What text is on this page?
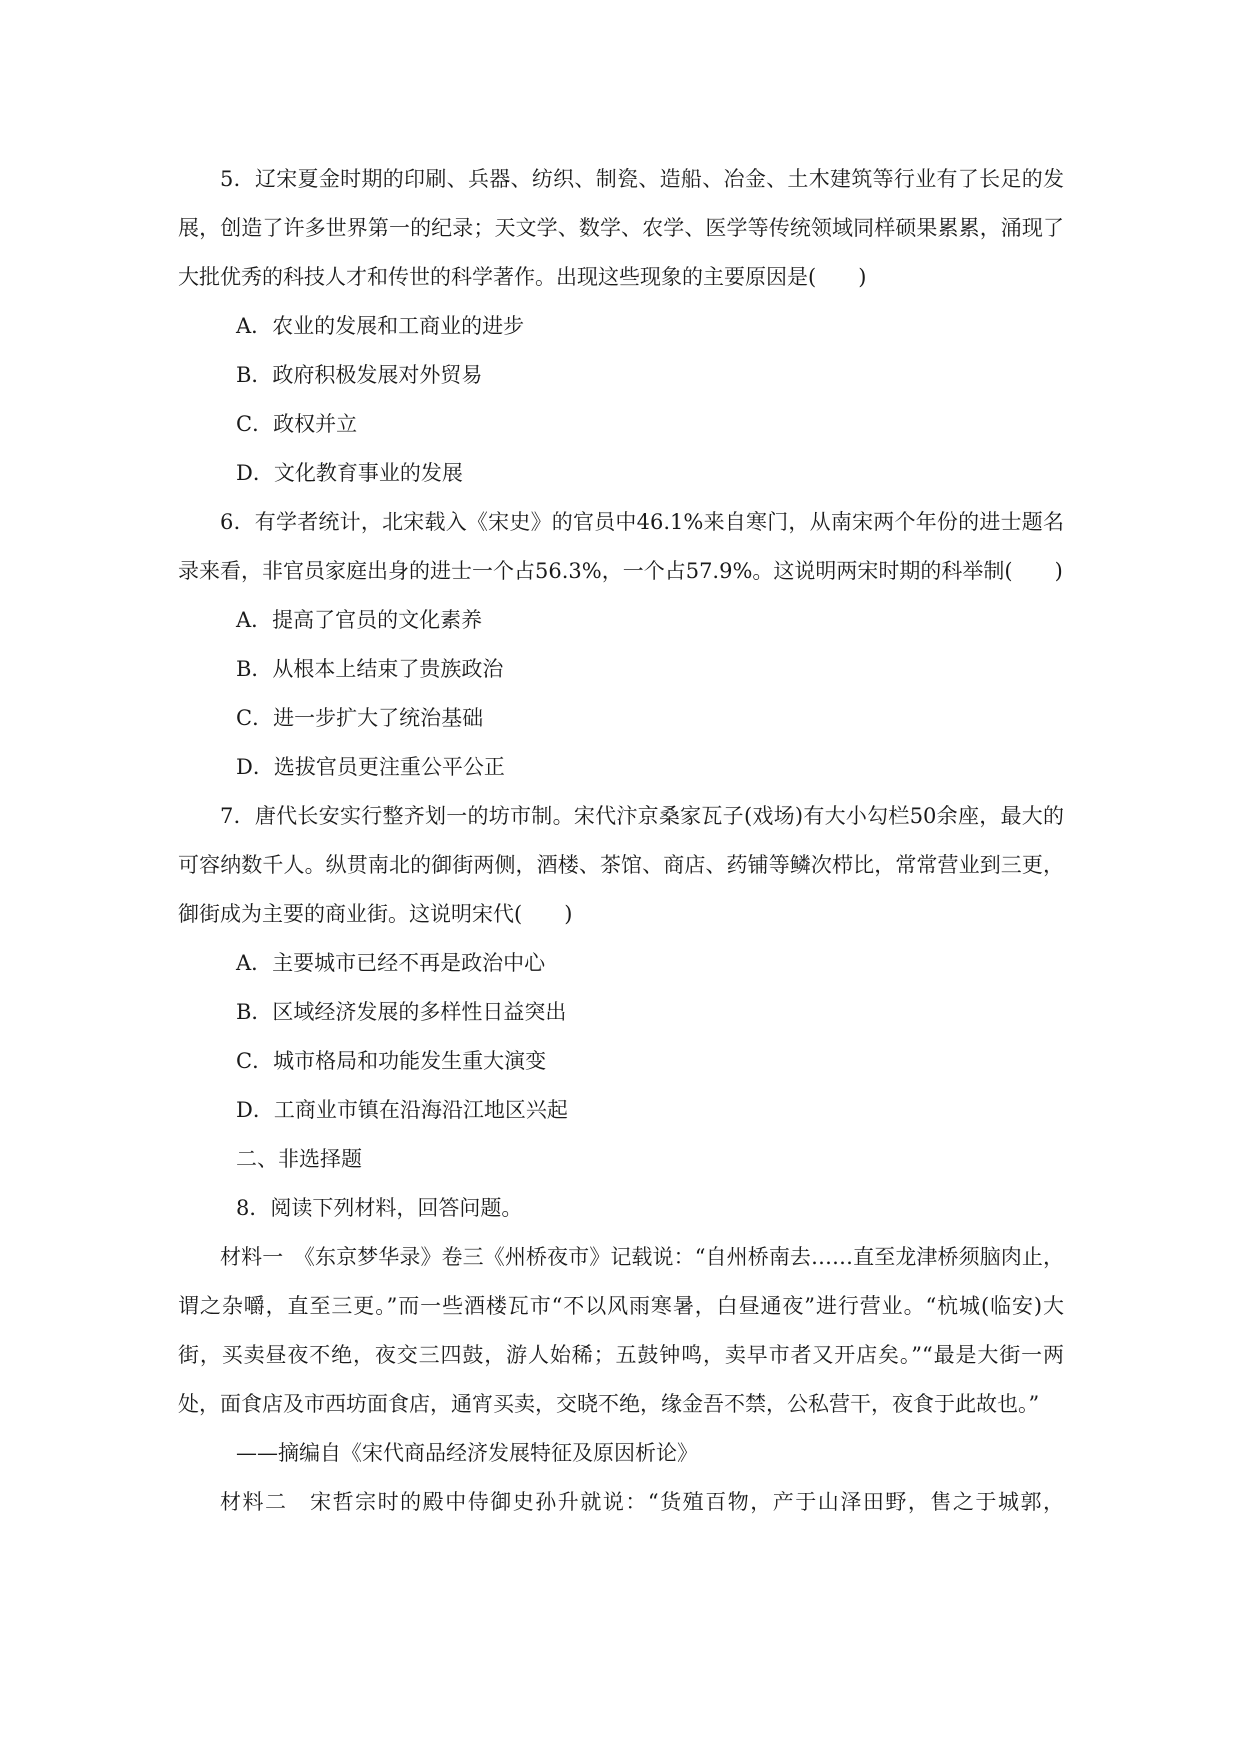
5．辽宋夏金时期的印刷、兵器、纺织、制瓷、造船、冶金、土木建筑等行业有了长足的发展，创造了许多世界第一的纪录；天文学、数学、农学、医学等传统领域同样硕果累累，涌现了大批优秀的科技人才和传世的科学著作。出现这些现象的主要原因是(　　)

A．农业的发展和工商业的进步

B．政府积极发展对外贸易

C．政权并立

D．文化教育事业的发展

6．有学者统计，北宋载入《宋史》的官员中46.1%来自寒门，从南宋两个年份的进士题名录来看，非官员家庭出身的进士一个占56.3%，一个占57.9%。这说明两宋时期的科举制(　　)

A．提高了官员的文化素养

B．从根本上结束了贵族政治

C．进一步扩大了统治基础

D．选拔官员更注重公平公正

7．唐代长安实行整齐划一的坊市制。宋代汴京桑家瓦子(戏场)有大小勾栏50余座，最大的可容纳数千人。纵贯南北的御街两侧，酒楼、茶馆、商店、药铺等鳞次栉比，常常营业到三更，御街成为主要的商业街。这说明宋代(　　)

A．主要城市已经不再是政治中心

B．区域经济发展的多样性日益突出

C．城市格局和功能发生重大演变

D．工商业市镇在沿海沿江地区兴起

二、非选择题

8．阅读下列材料，回答问题。

材料一　《东京梦华录》卷三《州桥夜市》记载说：“自州桥南去……直至龙津桥须脑肉止，谓之杂嚼，直至三更。”而一些酒楼瓦市“不以风雨寒暑，白昼通夜”进行营业。“杭城(临安)大街，买卖昼夜不绝，夜交三四鼓，游人始稀；五鼓钟鸣，卖早市者又开店矣。”“最是大街一两处，面食店及市西坊面食店，通宵买卖，交晓不绝，缘金吾不禁，公私营干，夜食于此故也。”

——摘编自《宋代商品经济发展特征及原因析论》

材料二　宋哲宗时的殿中侍御史孙升就说：“货殖百物，产于山泽田野，售之于城郭，
